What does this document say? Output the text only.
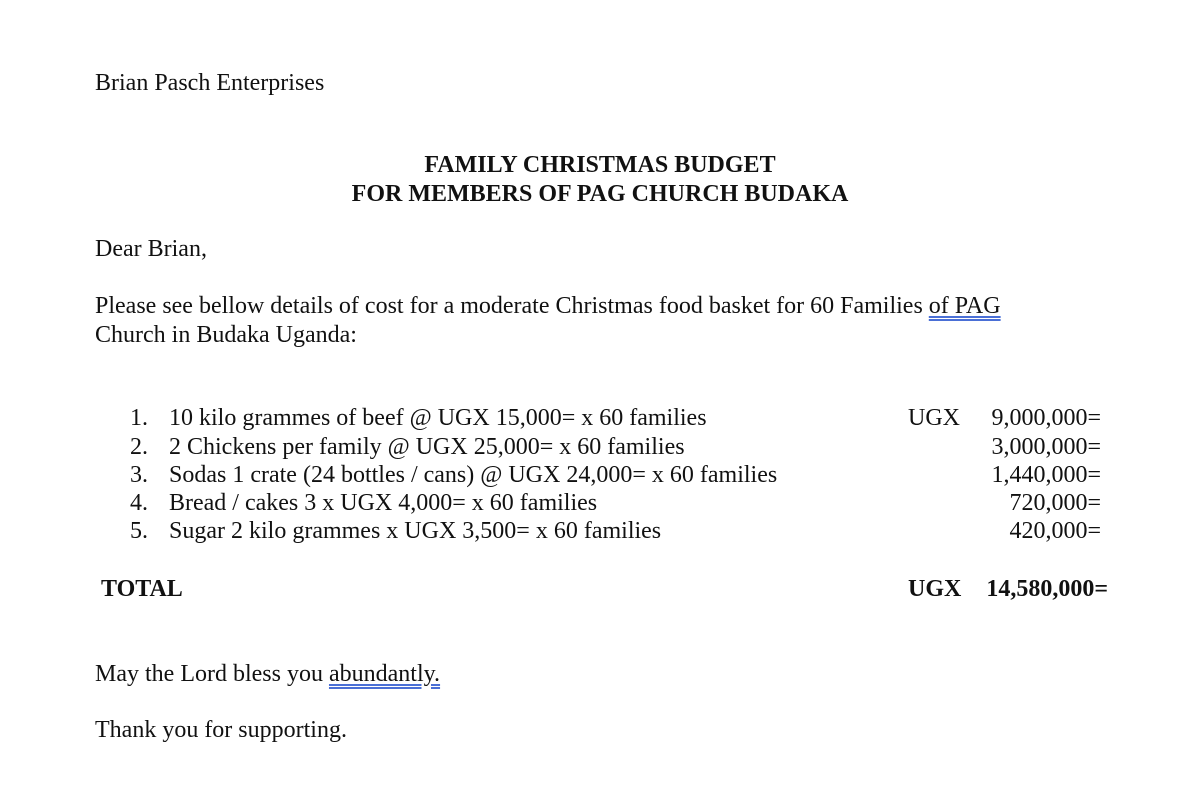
Brian Pasch Enterprises
FAMILY CHRISTMAS BUDGET
FOR MEMBERS OF PAG CHURCH BUDAKA
Dear Brian,
Please see bellow details of cost for a moderate Christmas food basket for 60 Families of PAG
Church in Budaka Uganda:
1. 10 kilo grammes of beef @ UGX 15,000= x 60 families	UGX 9,000,000=
2. 2 Chickens per family @ UGX 25,000= x 60 families	3,000,000=
3. Sodas 1 crate (24 bottles / cans) @ UGX 24,000= x 60 families	1,440,000=
4. Bread / cakes 3 x UGX 4,000= x 60 families	720,000=
5. Sugar 2 kilo grammes x UGX 3,500= x 60 families	420,000=
TOTAL	UGX 14,580,000=
May the Lord bless you abundantly.
Thank you for supporting.
